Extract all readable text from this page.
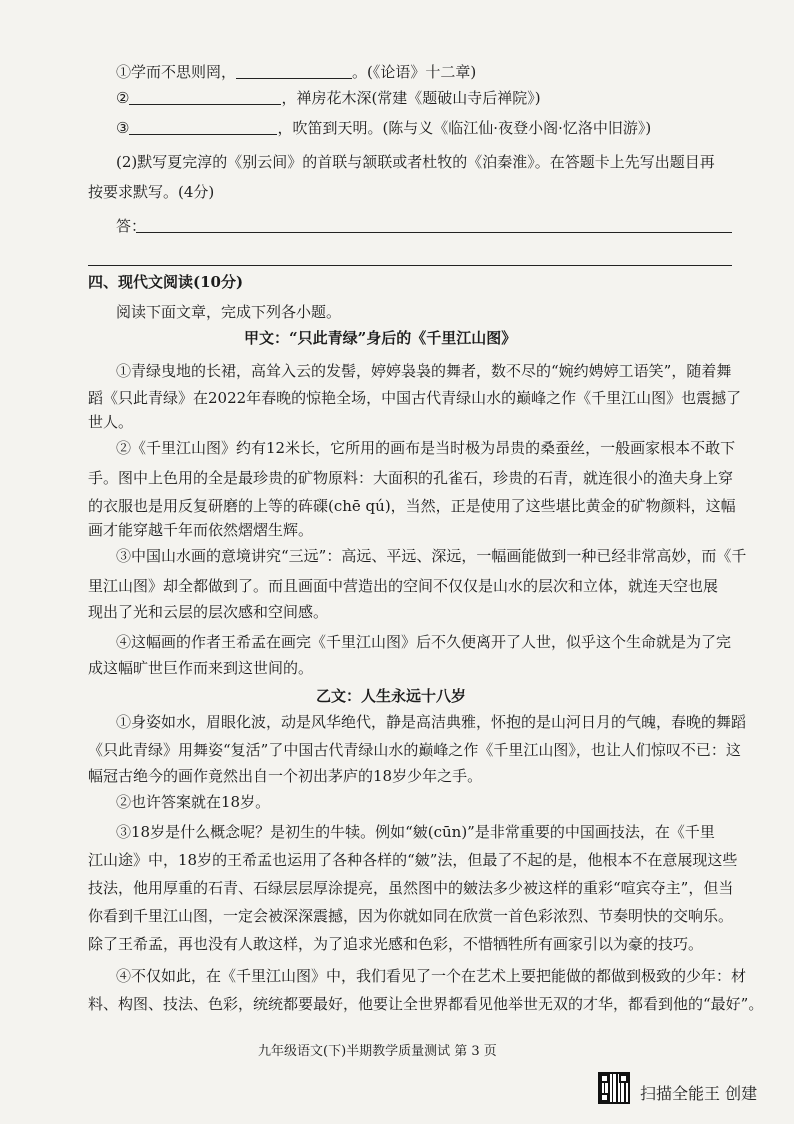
①学而不思则罔，	。(《论语》十二章)
②	，禅房花木深(常建《题破山寺后禅院》)
③	，吹笛到天明。(陈与义《临江仙·夜登小阁·忆洛中旧游》)
(2)默写夏完淳的《别云间》的首联与颔联或者杜牧的《泊秦淮》。在答题卡上先写出题目再
按要求默写。(4分)
答：
四、现代文阅读(10分)
阅读下面文章，完成下列各小题。
甲文：“只此青绿”身后的《千里江山图》
①青绿曳地的长裙，高耸入云的发髻，婷婷袅袅的舞者，数不尽的“婉约娉婷工语笑”，随着舞
蹈《只此青绿》在2022年春晚的惊艳全场，中国古代青绿山水的巅峰之作《千里江山图》也震撼了
世人。
②《千里江山图》约有12米长，它所用的画布是当时极为昂贵的桑蚕丝，一般画家根本不敢下
手。图中上色用的全是最珍贵的矿物原料：大面积的孔雀石，珍贵的石青，就连很小的渔夫身上穿
的衣服也是用反复研磨的上等的砗磲(chē qú)，当然，正是使用了这些堪比黄金的矿物颜料，这幅
画才能穿越千年而依然熠熠生辉。
③中国山水画的意境讲究“三远”：高远、平远、深远，一幅画能做到一种已经非常高妙，而《千
里江山图》却全都做到了。而且画面中营造出的空间不仅仅是山水的层次和立体，就连天空也展
现出了光和云层的层次感和空间感。
④这幅画的作者王希孟在画完《千里江山图》后不久便离开了人世，似乎这个生命就是为了完
成这幅旷世巨作而来到这世间的。
乙文：人生永远十八岁
①身姿如水，眉眼化波，动是风华绝代，静是高洁典雅，怀抱的是山河日月的气魄，春晚的舞蹈
《只此青绿》用舞姿“复活”了中国古代青绿山水的巅峰之作《千里江山图》，也让人们惊叹不已：这
幅冠古绝今的画作竟然出自一个初出茅庐的18岁少年之手。
②也许答案就在18岁。
③18岁是什么概念呢？是初生的牛犊。例如“皴(cūn)”是非常重要的中国画技法，在《千里
江山途》中，18岁的王希孟也运用了各种各样的“皴”法，但最了不起的是，他根本不在意展现这些
技法，他用厚重的石青、石绿层层厚涂提亮，虽然图中的皴法多少被这样的重彩“喧宾夺主”，但当
你看到千里江山图，一定会被深深震撼，因为你就如同在欣赏一首色彩浓烈、节奏明快的交响乐。
除了王希孟，再也没有人敢这样，为了追求光感和色彩，不惜牺牲所有画家引以为豪的技巧。
④不仅如此，在《千里江山图》中，我们看见了一个在艺术上要把能做的都做到极致的少年：材
料、构图、技法、色彩，统统都要最好，他要让全世界都看见他举世无双的才华，都看到他的“最好”。
九年级语文(下)半期教学质量测试 第 3 页
扫描全能王 创建
